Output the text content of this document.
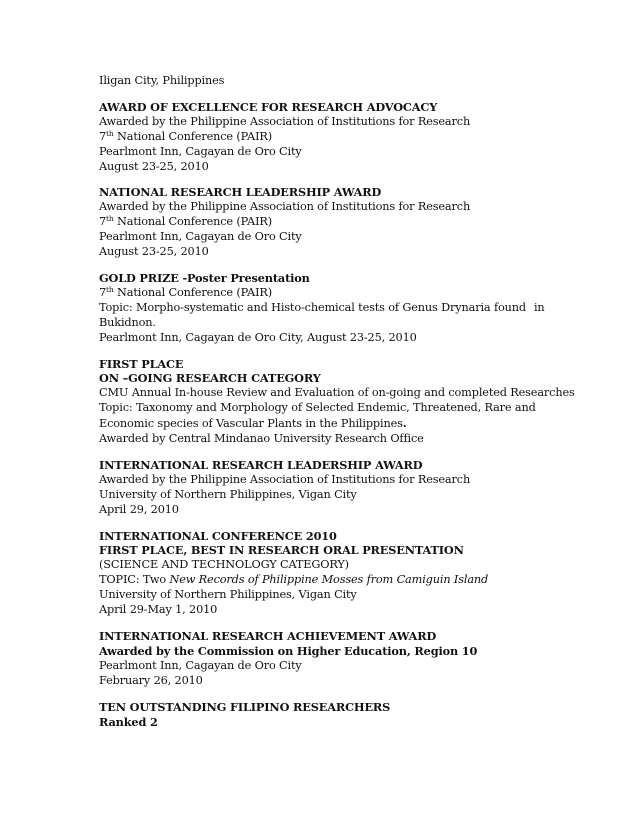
Iligan City, Philippines
AWARD OF EXCELLENCE FOR RESEARCH ADVOCACY
Awarded by the Philippine Association of Institutions for Research
7th National Conference (PAIR)
Pearlmont Inn, Cagayan de Oro City
August 23-25, 2010
NATIONAL RESEARCH LEADERSHIP AWARD
Awarded by the Philippine Association of Institutions for Research
7th National Conference (PAIR)
Pearlmont Inn, Cagayan de Oro City
August 23-25, 2010
GOLD PRIZE -Poster Presentation
7th National Conference (PAIR)
Topic: Morpho-systematic and Histo-chemical tests of Genus Drynaria found in
Bukidnon.
Pearlmont Inn, Cagayan de Oro City, August 23-25, 2010
FIRST PLACE
ON –GOING RESEARCH CATEGORY
CMU Annual In-house Review and Evaluation of on-going and completed Researches
Topic: Taxonomy and Morphology of Selected Endemic, Threatened, Rare and
Economic species of Vascular Plants in the Philippines.
Awarded by Central Mindanao University Research Office
INTERNATIONAL RESEARCH LEADERSHIP AWARD
Awarded by the Philippine Association of Institutions for Research
University of Northern Philippines, Vigan City
April 29, 2010
INTERNATIONAL CONFERENCE 2010
FIRST PLACE, BEST IN RESEARCH ORAL PRESENTATION
(SCIENCE AND TECHNOLOGY CATEGORY)
TOPIC: Two New Records of Philippine Mosses from Camiguin Island
University of Northern Philippines, Vigan City
April 29-May 1, 2010
INTERNATIONAL RESEARCH ACHIEVEMENT AWARD
Awarded by the Commission on Higher Education, Region 10
Pearlmont Inn, Cagayan de Oro City
February 26, 2010
TEN OUTSTANDING FILIPINO RESEARCHERS
Ranked 2
